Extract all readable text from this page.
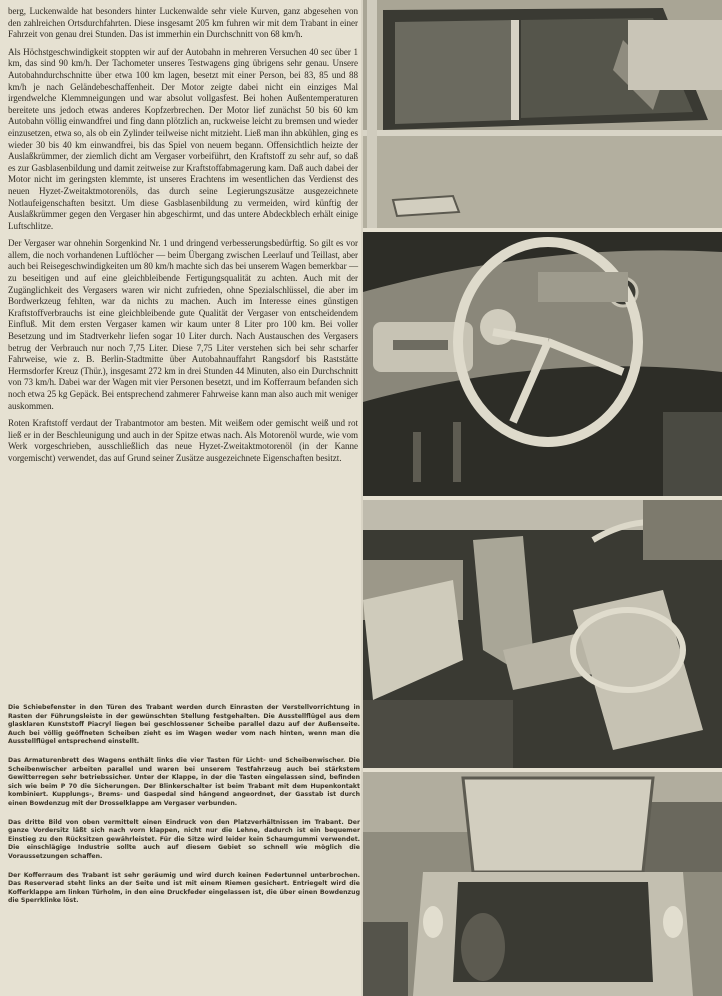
berg, Luckenwalde hat besonders hinter Luckenwalde sehr viele Kurven, ganz abgesehen von den zahlreichen Ortsdurchfahrten. Diese insgesamt 205 km fuhren wir mit dem Trabant in einer Fahrzeit von genau drei Stunden. Das ist immerhin ein Durchschnitt von 68 km/h.

Als Höchstgeschwindigkeit stoppten wir auf der Autobahn in mehreren Versuchen 40 sec über 1 km, das sind 90 km/h. Der Tachometer unseres Testwagens ging übrigens sehr genau. Unsere Autobahndurchschnitte über etwa 100 km lagen, besetzt mit einer Person, bei 83, 85 und 88 km/h je nach Geländebeschaffenheit. Der Motor zeigte dabei nicht ein einziges Mal irgendwelche Klemmneigungen und war absolut vollgasfest. Bei hohen Außentemperaturen bereitete uns jedoch etwas anderes Kopfzerbrechen. Der Motor lief zunächst 50 bis 60 km Autobahn völlig einwandfrei und fing dann plötzlich an, ruckweise leicht zu bremsen und wieder einzusetzen, etwa so, als ob ein Zylinder teilweise nicht mitzieht. Ließ man ihn abkühlen, ging es wieder 30 bis 40 km einwandfrei, bis das Spiel von neuem begann. Offensichtlich heizte der Auslaßkrümmer, der ziemlich dicht am Vergaser vorbeiführt, den Kraftstoff zu sehr auf, so daß es zur Gasblasenbildung und damit zeitweise zur Kraftstoffabmagerung kam. Daß auch dabei der Motor nicht im geringsten klemmte, ist unseres Erachtens im wesentlichen das Verdienst des neuen Hyzet-Zweitaktmotorenöls, das durch seine Legierungszusätze ausgezeichnete Notlaufeigenschaften besitzt. Um diese Gasblasenbildung zu vermeiden, wird künftig der Auslaßkrümmer gegen den Vergaser hin abgeschirmt, und das untere Abdeckblech erhält einige Luftschlitze.

Der Vergaser war ohnehin Sorgenkind Nr. 1 und dringend verbesserungsbedürftig. So gilt es vor allem, die noch vorhandenen Luftlöcher — beim Übergang zwischen Leerlauf und Teillast, aber auch bei Reisegeschwindigkeiten um 80 km/h machte sich das bei unserem Wagen bemerkbar — zu beseitigen und auf eine gleichbleibende Fertigungsqualität zu achten. Auch mit der Zugänglichkeit des Vergasers waren wir nicht zufrieden, ohne Spezialschlüssel, die aber im Bordwerkzeug fehlten, war da nichts zu machen. Auch im Interesse eines günstigen Kraftstoffverbrauchs ist eine gleichbleibende gute Qualität der Vergaser von entscheidendem Einfluß. Mit dem ersten Vergaser kamen wir kaum unter 8 Liter pro 100 km. Bei voller Besetzung und im Stadtverkehr liefen sogar 10 Liter durch. Nach Austauschen des Vergasers betrug der Verbrauch nur noch 7,75 Liter. Diese 7,75 Liter verstehen sich bei sehr scharfer Fahrweise, wie z. B. Berlin-Stadtmitte über Autobahnauffahrt Rangsdorf bis Raststätte Hermsdorfer Kreuz (Thür.), insgesamt 272 km in drei Stunden 44 Minuten, also ein Durchschnitt von 73 km/h. Dabei war der Wagen mit vier Personen besetzt, und im Kofferraum befanden sich noch etwa 25 kg Gepäck. Bei entsprechend zahmerer Fahrweise kann man also auch mit weniger auskommen.

Roten Kraftstoff verdaut der Trabantmotor am besten. Mit weißem oder gemischt weiß und rot ließ er in der Beschleunigung und auch in der Spitze etwas nach. Als Motorenöl wurde, wie vom Werk vorgeschrieben, ausschließlich das neue Hyzet-Zweitaktmotorenöl (in der Kanne vorgemischt) verwendet, das auf Grund seiner Zusätze ausgezeichnete Eigenschaften besitzt.

Die Schiebefenster in den Türen des Trabant werden durch Einrasten der Verstellvorrichtung in Rasten der Führungsleiste in der gewünschten Stellung festgehalten. Die Ausstellflügel aus dem glasklaren Kunststoff Piacryl liegen bei geschlossener Scheibe parallel dazu auf der Außenseite. Auch bei völlig geöffneten Scheiben zieht es im Wagen weder vom nach hinten, wenn man die Ausstellflügel entsprechend einstellt.

Das Armaturenbrett des Wagens enthält links die vier Tasten für Licht- und Scheibenwischer. Die Scheibenwischer arbeiten parallel und waren bei unserem Testfahrzeug auch bei stärkstem Gewitterregen sehr betriebssicher. Unter der Klappe, in der die Tasten eingelassen sind, befinden sich wie beim P 70 die Sicherungen. Der Blinkerschalter ist beim Trabant mit dem Hupenkontakt kombiniert. Kupplungs-, Brems- und Gaspedal sind hängend angeordnet, der Gasstab ist durch einen Bowdenzug mit der Drosselklappe am Vergaser verbunden.

Das dritte Bild von oben vermittelt einen Eindruck von den Platzverhältnissen im Trabant. Der ganze Vordersitz läßt sich nach vorn klappen, nicht nur die Lehne, dadurch ist ein bequemer Einstieg zu den Rücksitzen gewährleistet. Für die Sitze wird leider kein Schaumgummi verwendet. Die einschlägige Industrie sollte auch auf diesem Gebiet so schnell wie möglich die Voraussetzungen schaffen.

Der Kofferraum des Trabant ist sehr geräumig und wird durch keinen Federtunnel unterbrochen. Das Reserverad steht links an der Seite und ist mit einem Riemen gesichert. Entriegelt wird die Kofferklappe am linken Türholm, in den eine Druckfeder eingelassen ist, die über einen Bowdenzug die Sperrklinke löst.
